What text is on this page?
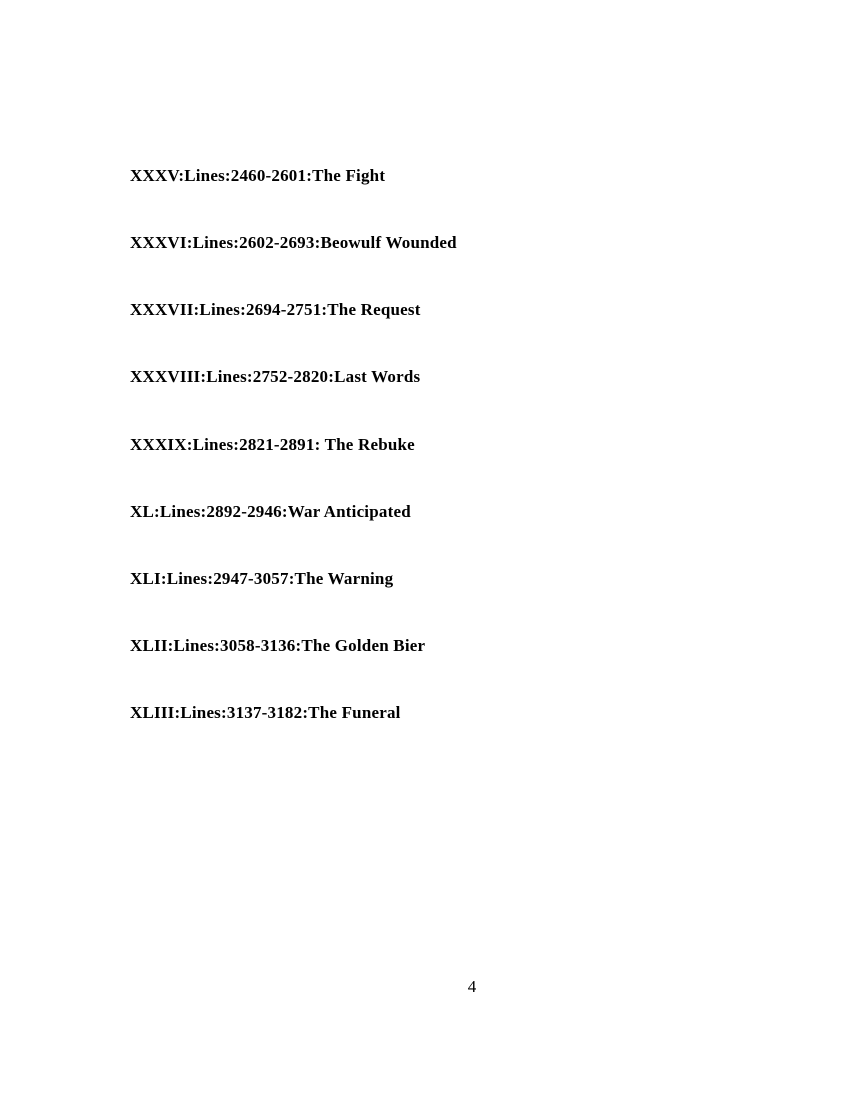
XXXV:Lines:2460-2601:The Fight

XXXVI:Lines:2602-2693:Beowulf Wounded

XXXVII:Lines:2694-2751:The Request

XXXVIII:Lines:2752-2820:Last Words

XXXIX:Lines:2821-2891: The Rebuke

XL:Lines:2892-2946:War Anticipated

XLI:Lines:2947-3057:The Warning

XLII:Lines:3058-3136:The Golden Bier

XLIII:Lines:3137-3182:The Funeral

4
